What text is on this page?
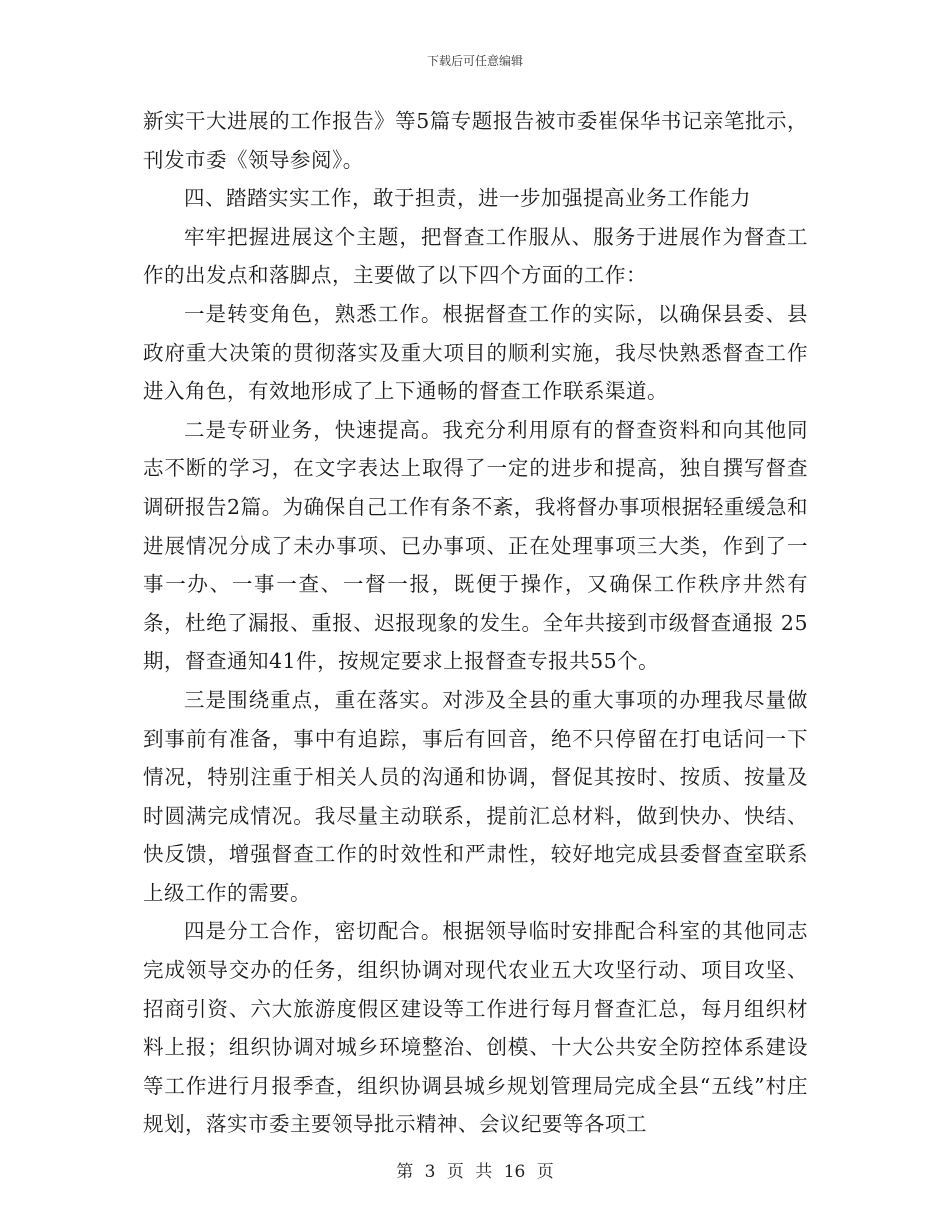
下载后可任意编辑

新实干大进展的工作报告》等5篇专题报告被市委崔保华书记亲笔批示，刊发市委《领导参阅》。

四、踏踏实实工作，敢于担责，进一步加强提高业务工作能力

牢牢把握进展这个主题，把督查工作服从、服务于进展作为督查工作的出发点和落脚点，主要做了以下四个方面的工作：

一是转变角色，熟悉工作。根据督查工作的实际，以确保县委、县政府重大决策的贯彻落实及重大项目的顺利实施，我尽快熟悉督查工作进入角色，有效地形成了上下通畅的督查工作联系渠道。

二是专研业务，快速提高。我充分利用原有的督查资料和向其他同志不断的学习，在文字表达上取得了一定的进步和提高，独自撰写督查调研报告2篇。为确保自己工作有条不紊，我将督办事项根据轻重缓急和进展情况分成了未办事项、已办事项、正在处理事项三大类，作到了一事一办、一事一查、一督一报，既便于操作，又确保工作秩序井然有条，杜绝了漏报、重报、迟报现象的发生。全年共接到市级督查通报 25 期，督查通知41件，按规定要求上报督查专报共55个。

三是围绕重点，重在落实。对涉及全县的重大事项的办理我尽量做到事前有准备，事中有追踪，事后有回音，绝不只停留在打电话问一下情况，特别注重于相关人员的沟通和协调，督促其按时、按质、按量及时圆满完成情况。我尽量主动联系，提前汇总材料，做到快办、快结、快反馈，增强督查工作的时效性和严肃性，较好地完成县委督查室联系上级工作的需要。

四是分工合作，密切配合。根据领导临时安排配合科室的其他同志完成领导交办的任务，组织协调对现代农业五大攻坚行动、项目攻坚、招商引资、六大旅游度假区建设等工作进行每月督查汇总，每月组织材料上报；组织协调对城乡环境整治、创模、十大公共安全防控体系建设等工作进行月报季查，组织协调县城乡规划管理局完成全县“五线”村庄规划，落实市委主要领导批示精神、会议纪要等各项工

第 3 页 共 16 页
